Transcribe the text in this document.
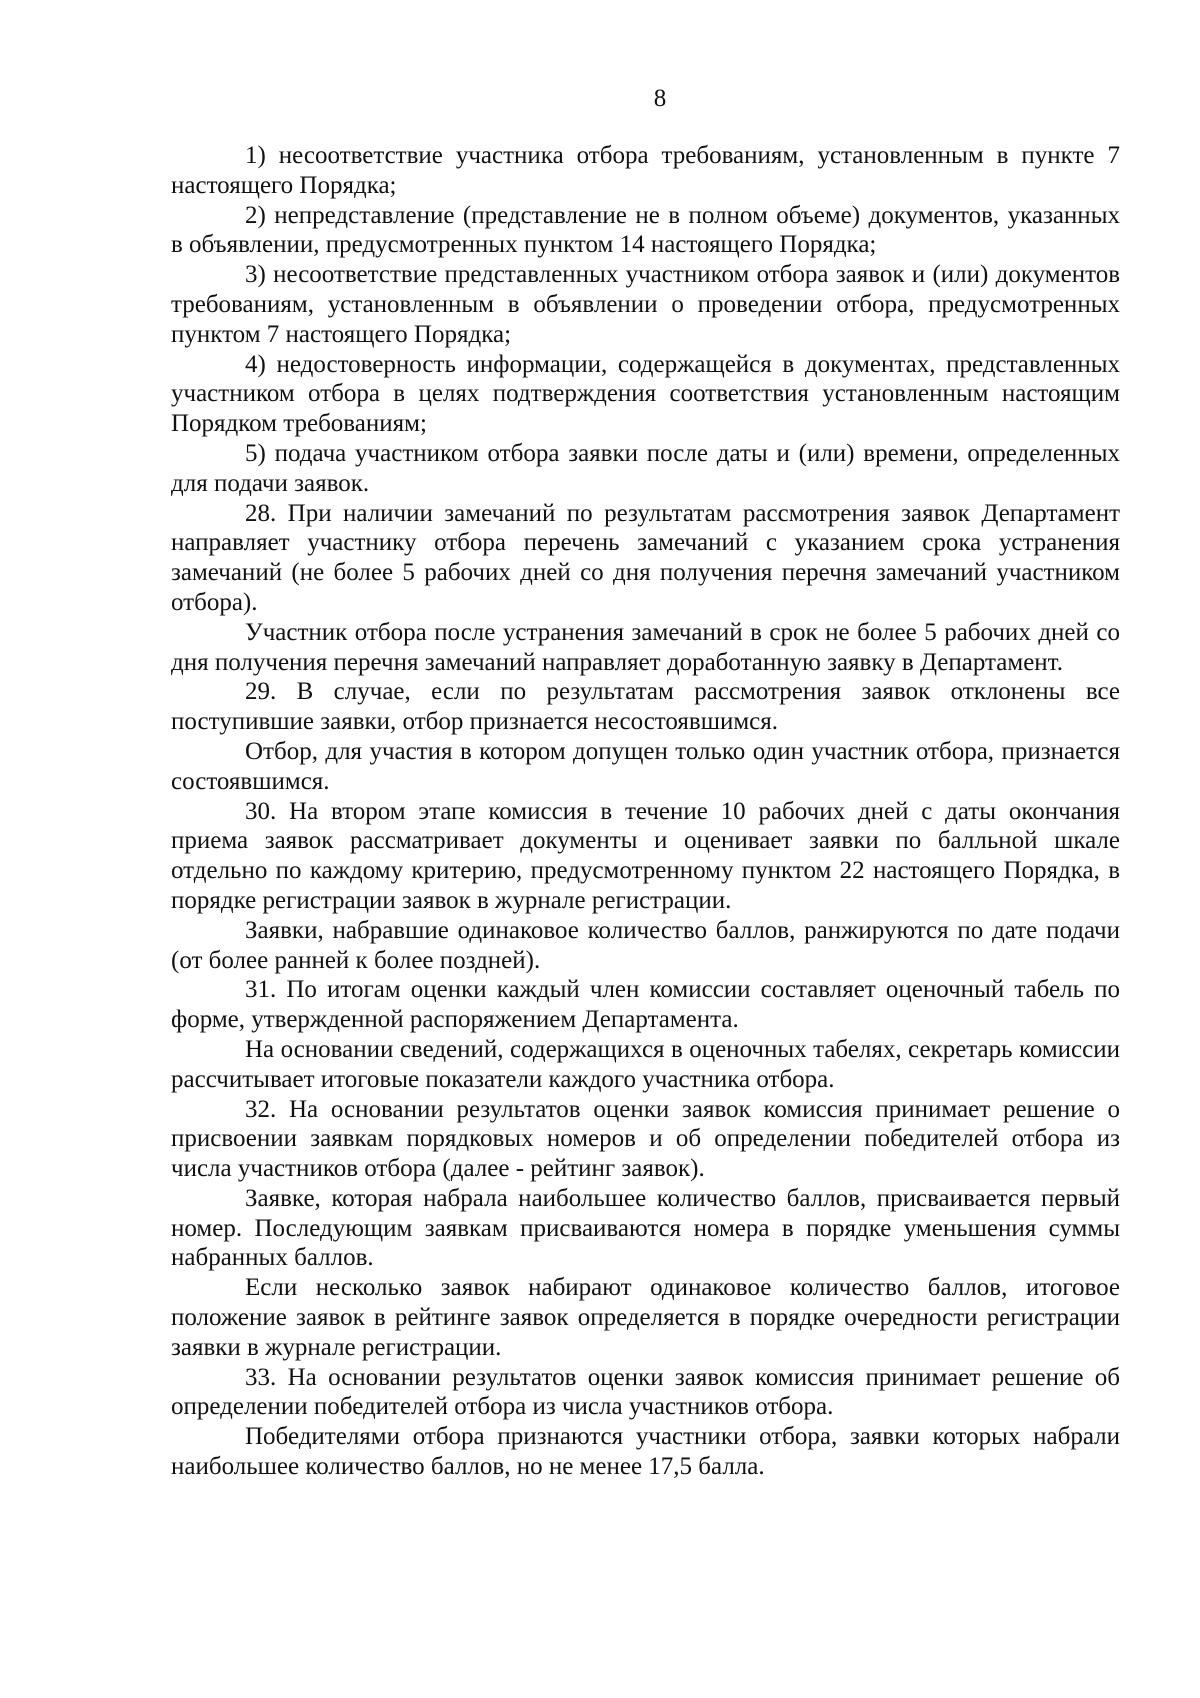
8

1) несоответствие участника отбора требованиям, установленным в пункте 7 настоящего Порядка;

2) непредставление (представление не в полном объеме) документов, указанных в объявлении, предусмотренных пунктом 14 настоящего Порядка;

3) несоответствие представленных участником отбора заявок и (или) документов требованиям, установленным в объявлении о проведении отбора, предусмотренных пунктом 7 настоящего Порядка;

4) недостоверность информации, содержащейся в документах, представленных участником отбора в целях подтверждения соответствия установленным настоящим Порядком требованиям;

5) подача участником отбора заявки после даты и (или) времени, определенных для подачи заявок.

28. При наличии замечаний по результатам рассмотрения заявок Департамент направляет участнику отбора перечень замечаний с указанием срока устранения замечаний (не более 5 рабочих дней со дня получения перечня замечаний участником отбора).

Участник отбора после устранения замечаний в срок не более 5 рабочих дней со дня получения перечня замечаний направляет доработанную заявку в Департамент.

29. В случае, если по результатам рассмотрения заявок отклонены все поступившие заявки, отбор признается несостоявшимся.

Отбор, для участия в котором допущен только один участник отбора, признается состоявшимся.

30. На втором этапе комиссия в течение 10 рабочих дней с даты окончания приема заявок рассматривает документы и оценивает заявки по балльной шкале отдельно по каждому критерию, предусмотренному пунктом 22 настоящего Порядка, в порядке регистрации заявок в журнале регистрации.

Заявки, набравшие одинаковое количество баллов, ранжируются по дате подачи (от более ранней к более поздней).

31. По итогам оценки каждый член комиссии составляет оценочный табель по форме, утвержденной распоряжением Департамента.

На основании сведений, содержащихся в оценочных табелях, секретарь комиссии рассчитывает итоговые показатели каждого участника отбора.

32. На основании результатов оценки заявок комиссия принимает решение о присвоении заявкам порядковых номеров и об определении победителей отбора из числа участников отбора (далее - рейтинг заявок).

Заявке, которая набрала наибольшее количество баллов, присваивается первый номер. Последующим заявкам присваиваются номера в порядке уменьшения суммы набранных баллов.

Если несколько заявок набирают одинаковое количество баллов, итоговое положение заявок в рейтинге заявок определяется в порядке очередности регистрации заявки в журнале регистрации.

33. На основании результатов оценки заявок комиссия принимает решение об определении победителей отбора из числа участников отбора.

Победителями отбора признаются участники отбора, заявки которых набрали наибольшее количество баллов, но не менее 17,5 балла.
